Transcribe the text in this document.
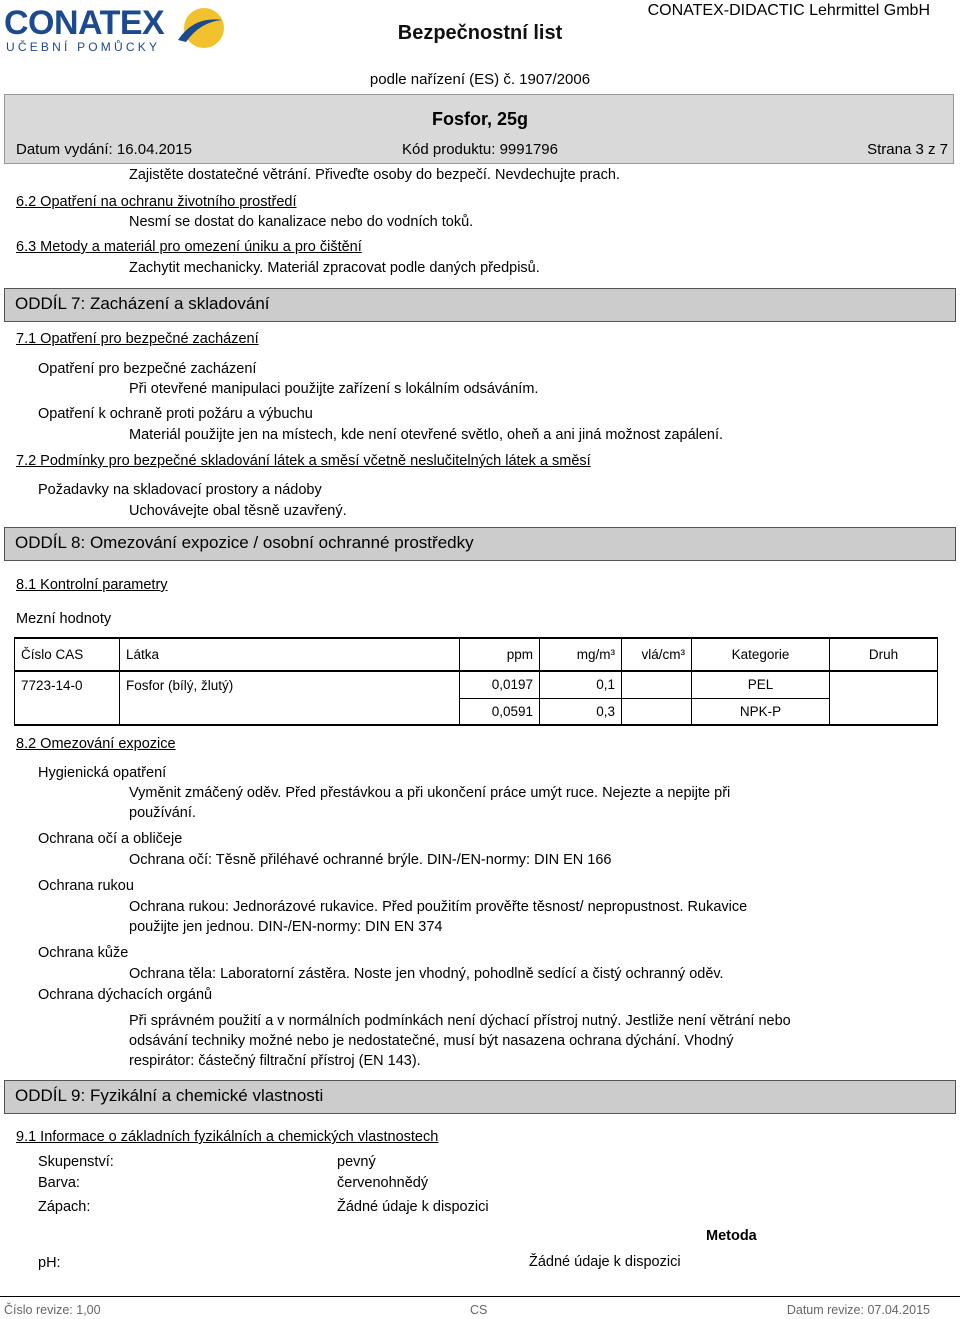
CONATEX
UČEBNÍ POMŮCKY
Bezpečnostní list
CONATEX-DIDACTIC Lehrmittel GmbH
podle nařízení (ES) č. 1907/2006
Fosfor, 25g
Datum vydání: 16.04.2015	Kód produktu: 9991796	Strana 3 z 7
Zajistěte dostatečné větrání. Přiveďte osoby do bezpečí. Nevdechujte prach.
6.2 Opatření na ochranu životního prostředí
Nesmí se dostat do kanalizace nebo do vodních toků.
6.3 Metody a materiál pro omezení úniku a pro čištění
Zachytit mechanicky. Materiál zpracovat podle daných předpisů.
ODDÍL 7: Zacházení a skladování
7.1 Opatření pro bezpečné zacházení
Opatření pro bezpečné zacházení
Při otevřené manipulaci použijte zařízení s lokálním odsáváním.
Opatření k ochraně proti požáru a výbuchu
Materiál použijte jen na místech, kde není otevřené světlo, oheň a ani jiná možnost zapálení.
7.2 Podmínky pro bezpečné skladování látek a směsí včetně neslučitelných látek a směsí
Požadavky na skladovací prostory a nádoby
Uchovávejte obal těsně uzavřený.
ODDÍL 8: Omezování expozice / osobní ochranné prostředky
8.1 Kontrolní parametry
Mezní hodnoty
Číslo CAS	Látka	ppm	mg/m³	vlá/cm³	Kategorie	Druh
7723-14-0	Fosfor (bílý, žlutý)	0,0197	0,1		PEL	
		0,0591	0,3		NPK-P	
8.2 Omezování expozice
Hygienická opatření
Vyměnit zmáčený oděv. Před přestávkou a při ukončení práce umýt ruce. Nejezte a nepijte při
používání.
Ochrana očí a obličeje
Ochrana očí: Těsně přiléhavé ochranné brýle. DIN-/EN-normy: DIN EN 166
Ochrana rukou
Ochrana rukou: Jednorázové rukavice. Před použitím prověřte těsnost/ nepropustnost. Rukavice
použijte jen jednou. DIN-/EN-normy: DIN EN 374
Ochrana kůže
Ochrana těla: Laboratorní zástěra. Noste jen vhodný, pohodlně sedící a čistý ochranný oděv.
Ochrana dýchacích orgánů
Při správném použití a v normálních podmínkách není dýchací přístroj nutný. Jestliže není větrání nebo
odsávání techniky možné nebo je nedostatečné, musí být nasazena ochrana dýchání. Vhodný
respirátor: částečný filtrační přístroj (EN 143).
ODDÍL 9: Fyzikální a chemické vlastnosti
9.1 Informace o základních fyzikálních a chemických vlastnostech
Skupenství:	pevný
Barva:	červenohnědý
Zápach:	Žádné údaje k dispozici
Metoda
pH:	Žádné údaje k dispozici
Číslo revize: 1,00	CS	Datum revize: 07.04.2015
